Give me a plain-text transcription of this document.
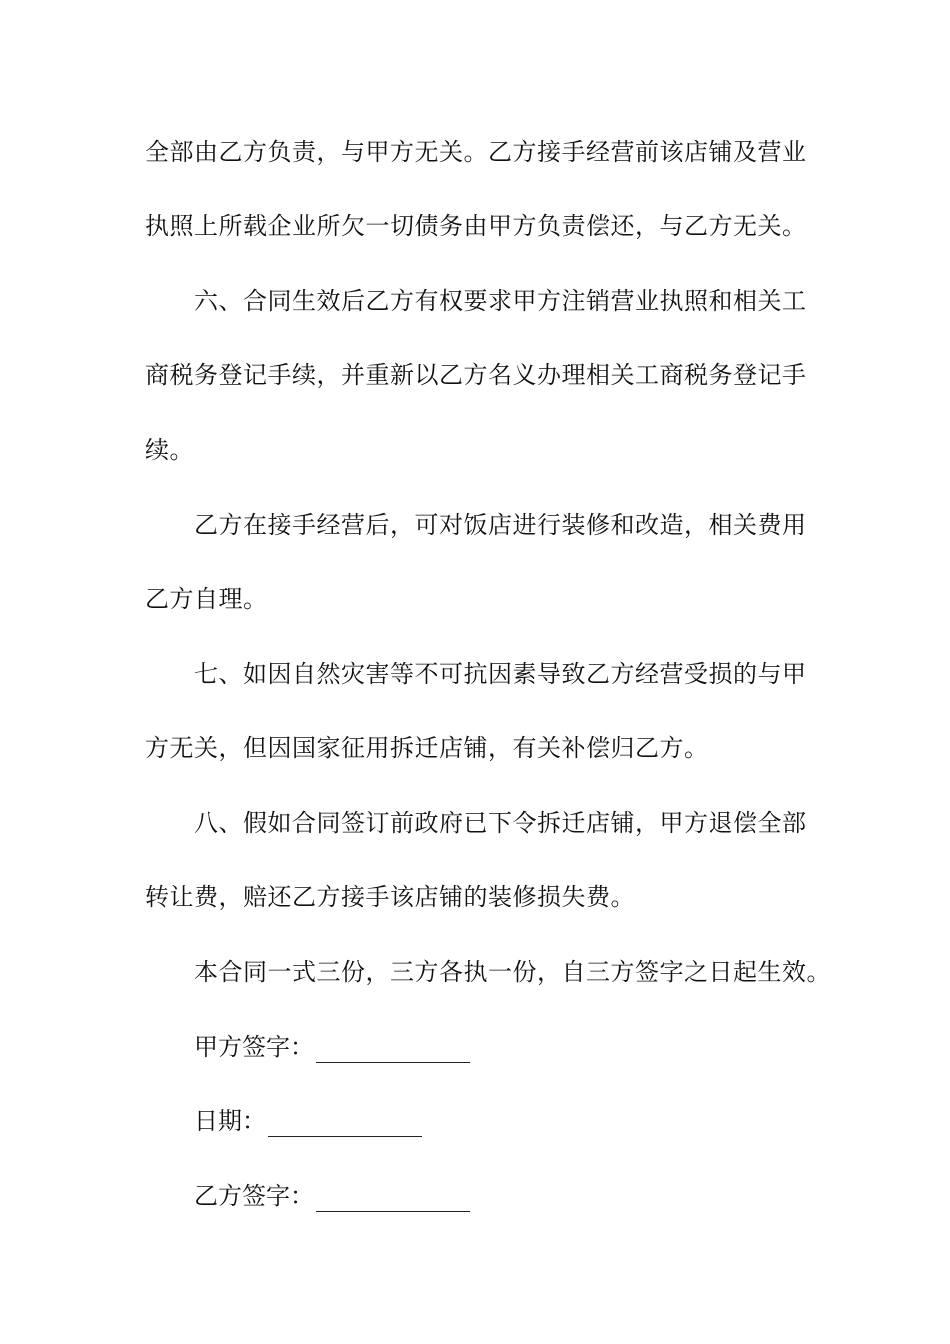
全部由乙方负责，与甲方无关。乙方接手经营前该店铺及营业
执照上所载企业所欠一切债务由甲方负责偿还，与乙方无关。
六、合同生效后乙方有权要求甲方注销营业执照和相关工
商税务登记手续，并重新以乙方名义办理相关工商税务登记手
续。
乙方在接手经营后，可对饭店进行装修和改造，相关费用
乙方自理。
七、如因自然灾害等不可抗因素导致乙方经营受损的与甲
方无关，但因国家征用拆迁店铺，有关补偿归乙方。
八、假如合同签订前政府已下令拆迁店铺，甲方退偿全部
转让费，赔还乙方接手该店铺的装修损失费。
本合同一式三份，三方各执一份，自三方签字之日起生效。
甲方签字：
日期：
乙方签字：
